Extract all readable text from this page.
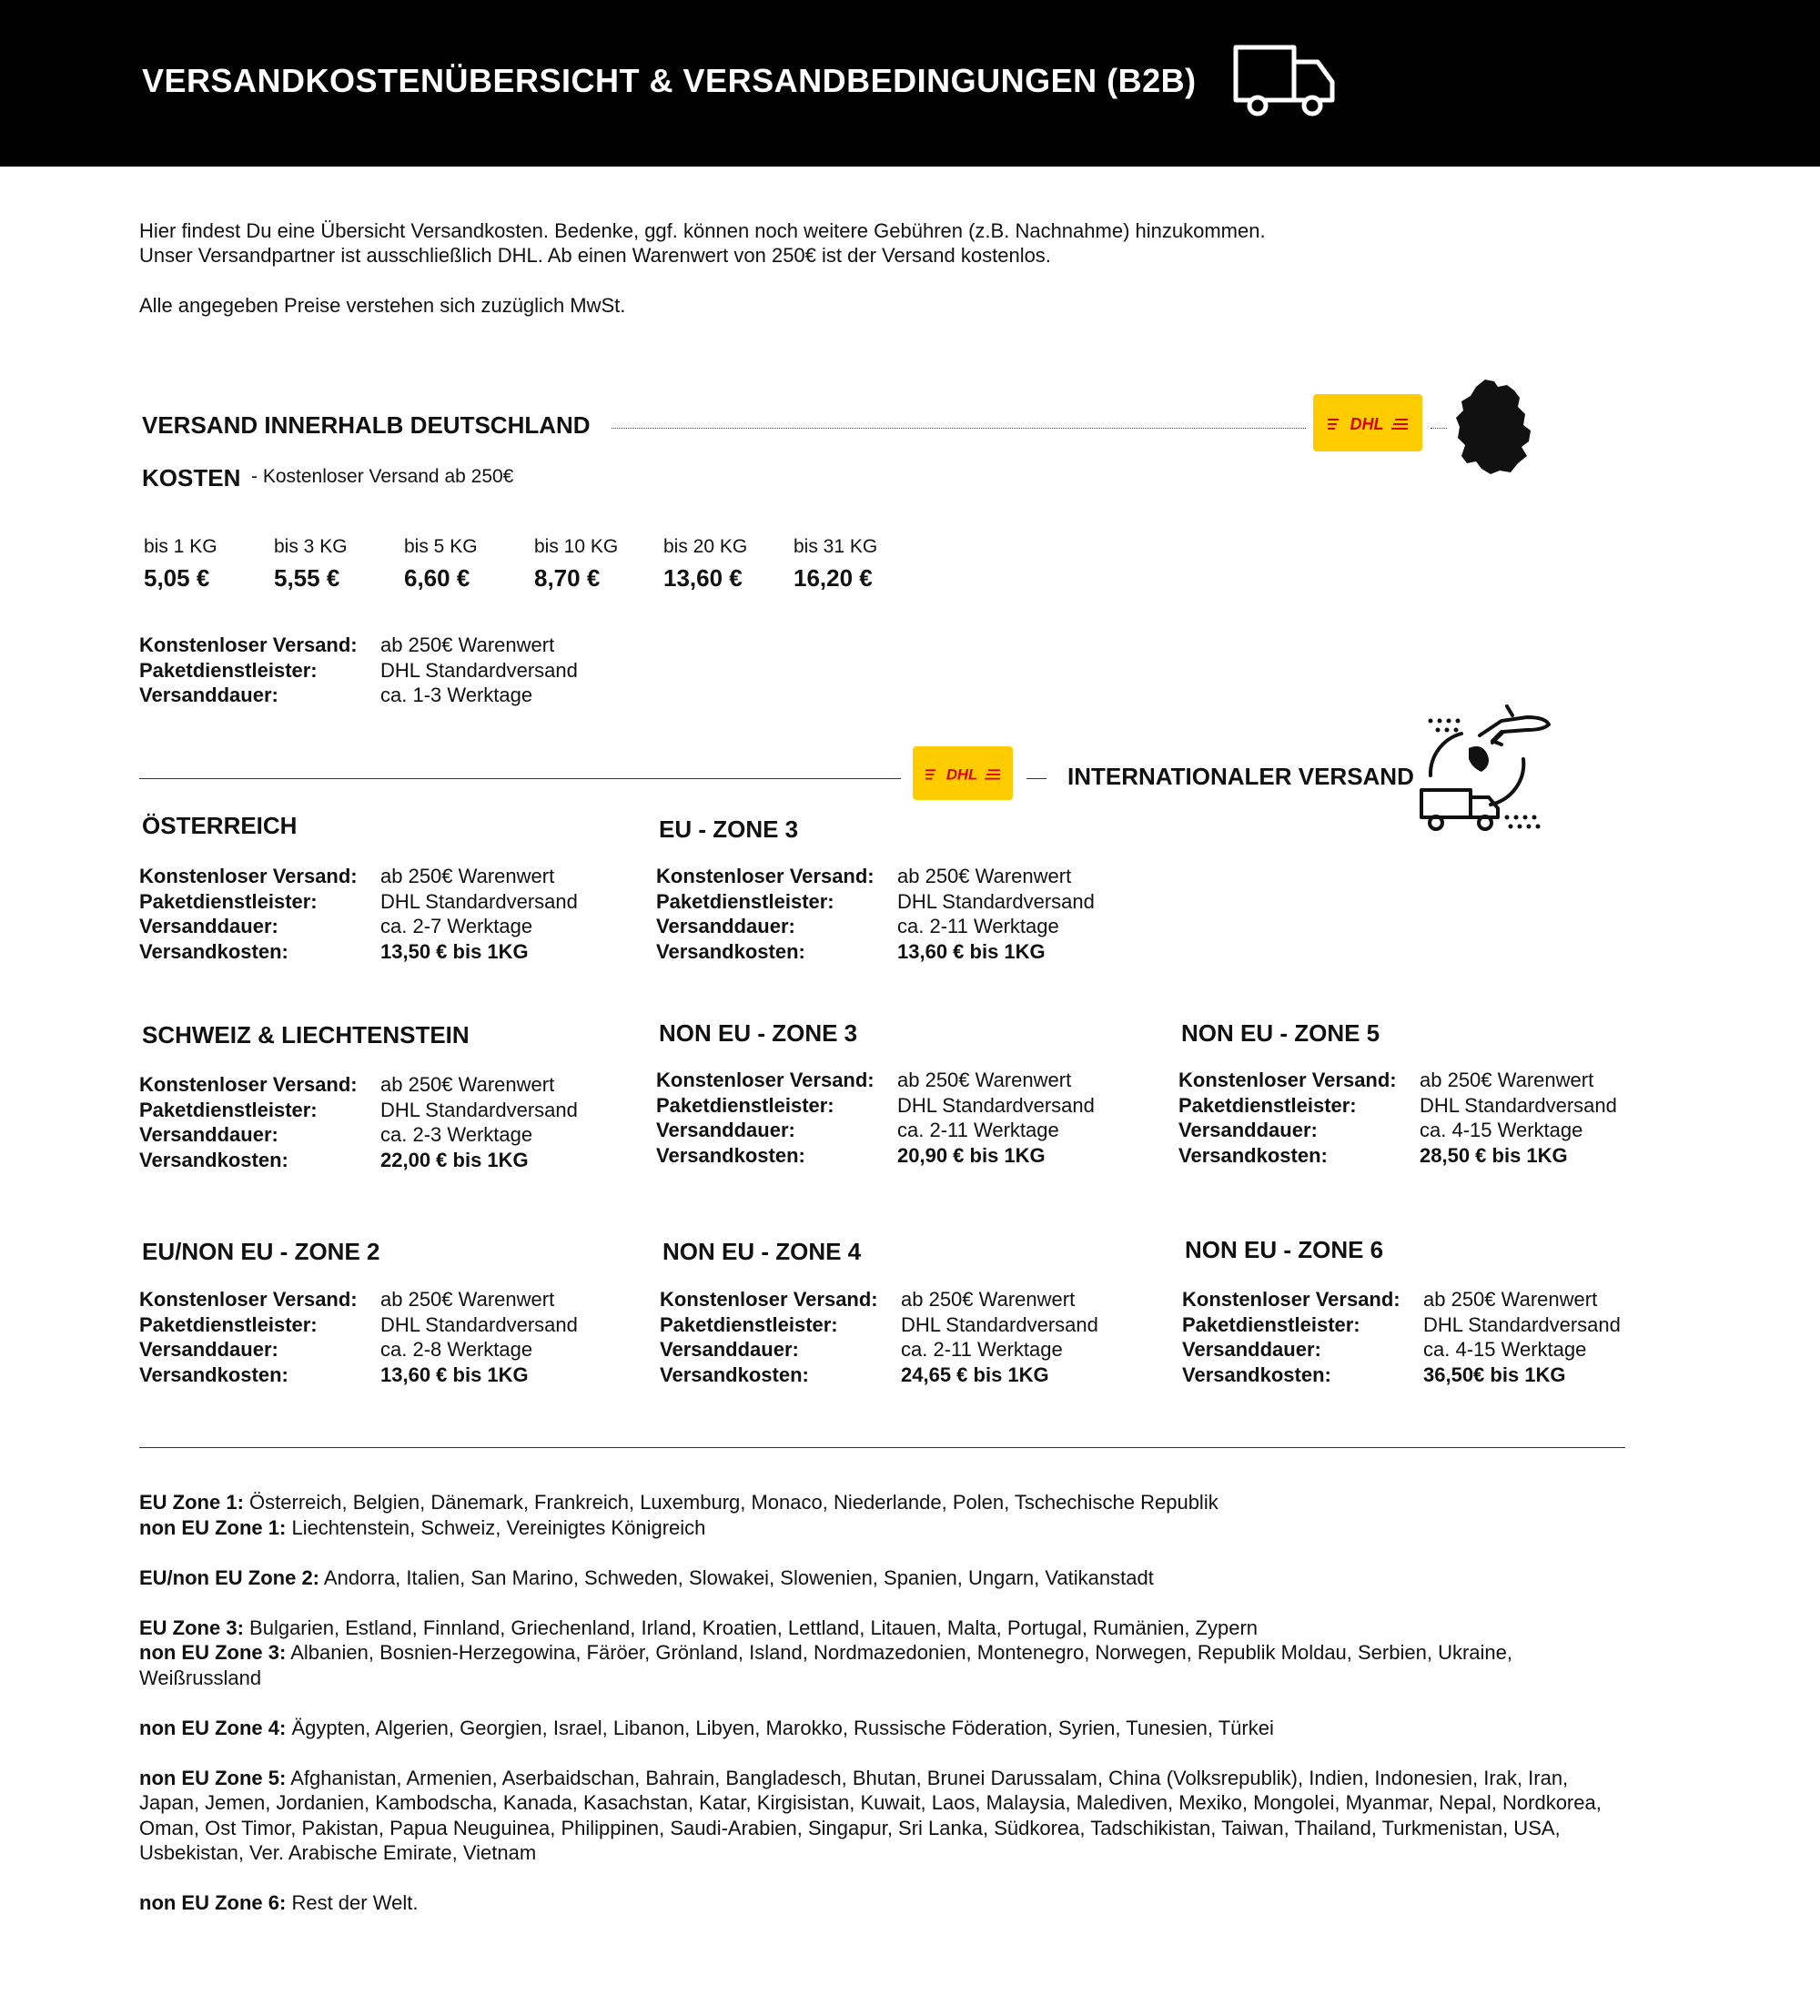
VERSANDKOSTENÜBERSICHT & VERSANDBEDINGUNGEN (B2B)
Hier findest Du eine Übersicht Versandkosten. Bedenke, ggf. können noch weitere Gebühren (z.B. Nachnahme) hinzukommen.
Unser Versandpartner ist ausschließlich DHL. Ab einen Warenwert von 250€ ist der Versand kostenlos.
Alle angegeben Preise verstehen sich zuzüglich MwSt.
VERSAND INNERHALB DEUTSCHLAND	DHL
KOSTEN - Kostenloser Versand ab 250€
bis 1 KG
5,05 €
bis 3 KG
5,55 €
bis 5 KG
6,60 €
bis 10 KG
8,70 €
bis 20 KG
13,60 €
bis 31 KG
16,20 €
Konstenloser Versand: ab 250€ Warenwert
Paketdienstleister:	DHL Standardversand
Versanddauer:	ca. 1-3 Werktage
DHL	INTERNATIONALER VERSAND
ÖSTERREICH
Konstenloser Versand: ab 250€ Warenwert
Paketdienstleister:	DHL Standardversand
Versanddauer:	ca. 2-7 Werktage
Versandkosten:	13,50 € bis 1KG
EU - ZONE 3
Konstenloser Versand: ab 250€ Warenwert
Paketdienstleister:	DHL Standardversand
Versanddauer:	ca. 2-11 Werktage
Versandkosten:	13,60 € bis 1KG
SCHWEIZ & LIECHTENSTEIN
Konstenloser Versand: ab 250€ Warenwert
Paketdienstleister:	DHL Standardversand
Versanddauer:	ca. 2-3 Werktage
Versandkosten:	22,00 € bis 1KG
NON EU - ZONE 3
Konstenloser Versand: ab 250€ Warenwert
Paketdienstleister:	DHL Standardversand
Versanddauer:	ca. 2-11 Werktage
Versandkosten:	20,90 € bis 1KG
NON EU - ZONE 5
Konstenloser Versand: ab 250€ Warenwert
Paketdienstleister:	DHL Standardversand
Versanddauer:	ca. 4-15 Werktage
Versandkosten:	28,50 € bis 1KG
EU/NON EU - ZONE 2
Konstenloser Versand: ab 250€ Warenwert
Paketdienstleister:	DHL Standardversand
Versanddauer:	ca. 2-8 Werktage
Versandkosten:	13,60 € bis 1KG
NON EU - ZONE 4
Konstenloser Versand: ab 250€ Warenwert
Paketdienstleister:	DHL Standardversand
Versanddauer:	ca. 2-11 Werktage
Versandkosten:	24,65 € bis 1KG
NON EU - ZONE 6
Konstenloser Versand: ab 250€ Warenwert
Paketdienstleister:	DHL Standardversand
Versanddauer:	ca. 4-15 Werktage
Versandkosten:	36,50€ bis 1KG

EU Zone 1: Österreich, Belgien, Dänemark, Frankreich, Luxemburg, Monaco, Niederlande, Polen, Tschechische Republik
non EU Zone 1: Liechtenstein, Schweiz, Vereinigtes Königreich

EU/non EU Zone 2: Andorra, Italien, San Marino, Schweden, Slowakei, Slowenien, Spanien, Ungarn, Vatikanstadt

EU Zone 3: Bulgarien, Estland, Finnland, Griechenland, Irland, Kroatien, Lettland, Litauen, Malta, Portugal, Rumänien, Zypern
non EU Zone 3: Albanien, Bosnien-Herzegowina, Färöer, Grönland, Island, Nordmazedonien, Montenegro, Norwegen, Republik Moldau, Serbien, Ukraine, Weißrussland

non EU Zone 4: Ägypten, Algerien, Georgien, Israel, Libanon, Libyen, Marokko, Russische Föderation, Syrien, Tunesien, Türkei

non EU Zone 5: Afghanistan, Armenien, Aserbaidschan, Bahrain, Bangladesch, Bhutan, Brunei Darussalam, China (Volksrepublik), Indien, Indonesien, Irak, Iran, Japan, Jemen, Jordanien, Kambodscha, Kanada, Kasachstan, Katar, Kirgisistan, Kuwait, Laos, Malaysia, Malediven, Mexiko, Mongolei, Myanmar, Nepal, Nordkorea, Oman, Ost Timor, Pakistan, Papua Neuguinea, Philippinen, Saudi-Arabien, Singapur, Sri Lanka, Südkorea, Tadschikistan, Taiwan, Thailand, Turkmenistan, USA, Usbekistan, Ver. Arabische Emirate, Vietnam

non EU Zone 6: Rest der Welt.
